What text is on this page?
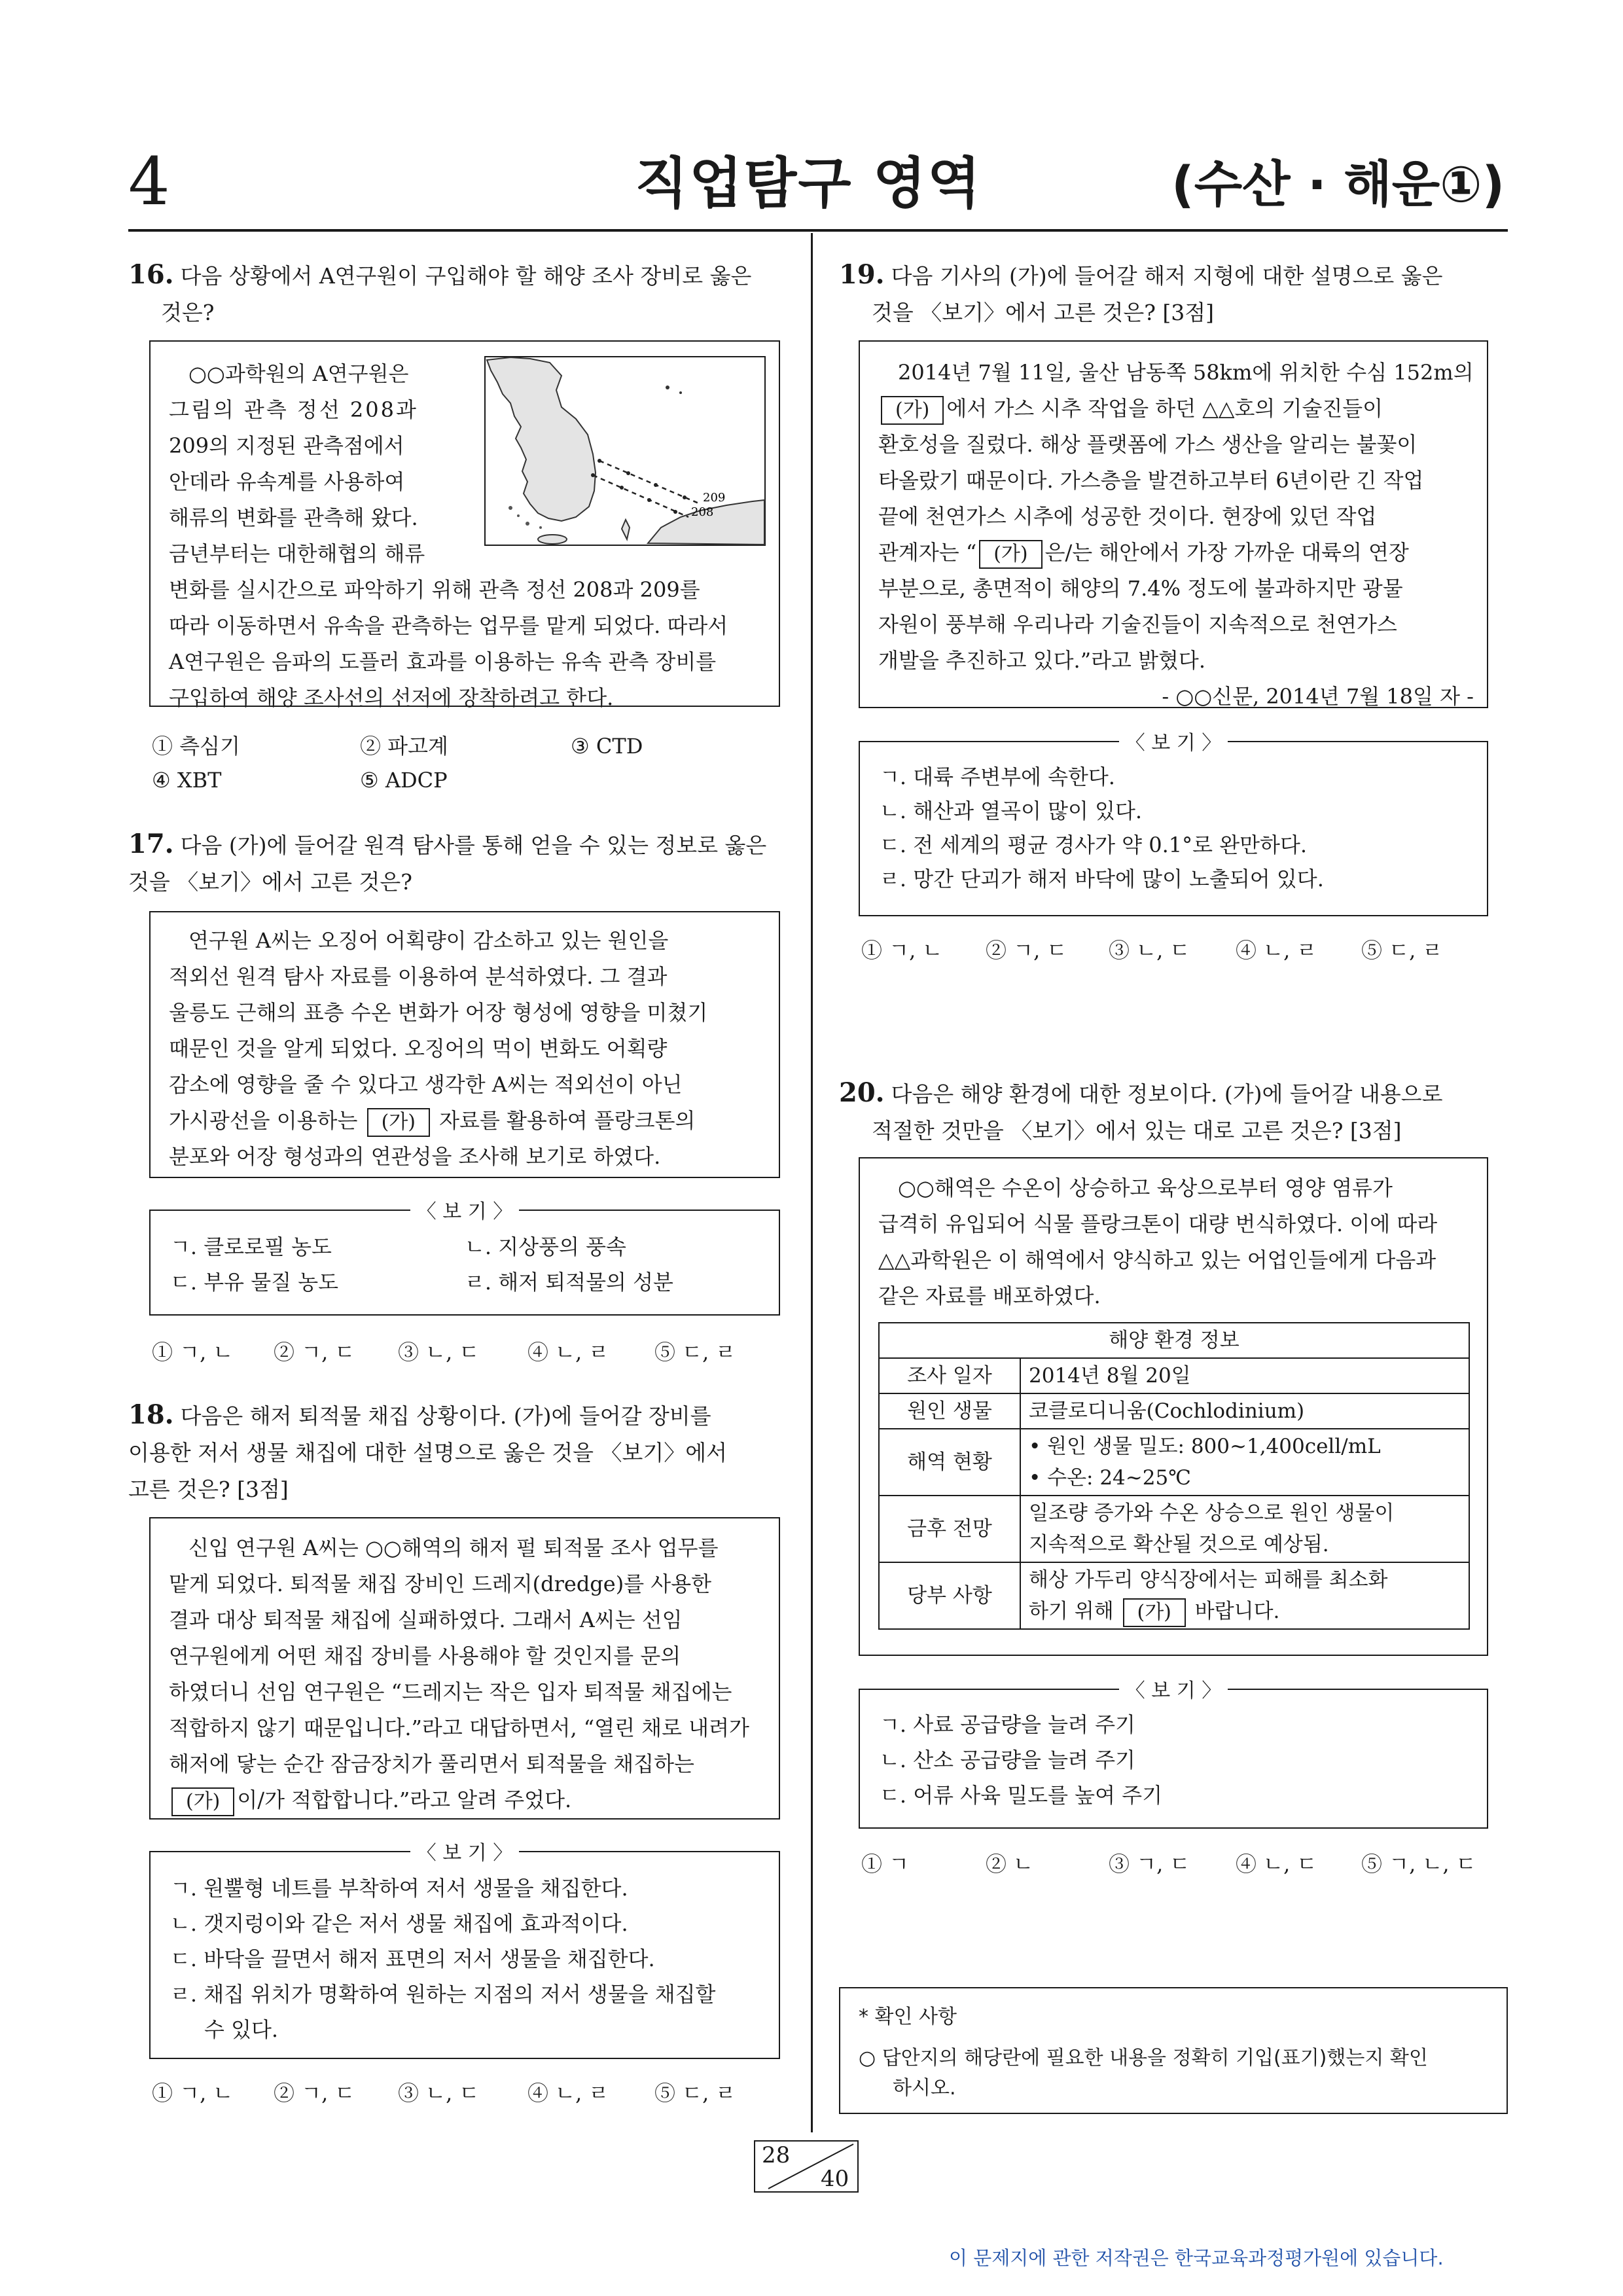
4	직업탐구 영역	(수산 · 해운①)
16. 다음 상황에서 A연구원이 구입해야 할 해양 조사 장비로 옳은
것은?

○○과학원의 A연구원은

그림의 관측 정선 208과

209의 지정된 관측점에서

안데라 유속계를 사용하여

해류의 변화를 관측해 왔다.

금년부터는 대한해협의 해류

변화를 실시간으로 파악하기 위해 관측 정선 208과 209를

따라 이동하면서 유속을 관측하는 업무를 맡게 되었다. 따라서

A연구원은 음파의 도플러 효과를 이용하는 유속 관측 장비를

구입하여 해양 조사선의 선저에 장착하려고 한다.

209
208
① 측심기	② 파고계	③ CTD
④ XBT	⑤ ADCP
17. 다음 (가)에 들어갈 원격 탐사를 통해 얻을 수 있는 정보로 옳은
것을 〈보기〉에서 고른 것은?

연구원 A씨는 오징어 어획량이 감소하고 있는 원인을

적외선 원격 탐사 자료를 이용하여 분석하였다. 그 결과

울릉도 근해의 표층 수온 변화가 어장 형성에 영향을 미쳤기

때문인 것을 알게 되었다. 오징어의 먹이 변화도 어획량

감소에 영향을 줄 수 있다고 생각한 A씨는 적외선이 아닌

가시광선을 이용하는 (가) 자료를 활용하여 플랑크톤의

분포와 어장 형성과의 연관성을 조사해 보기로 하였다.

〈 보 기 〉
ㄱ. 클로로필 농도	ㄴ. 지상풍의 풍속
ㄷ. 부유 물질 농도	ㄹ. 해저 퇴적물의 성분
① ㄱ, ㄴ ② ㄱ, ㄷ ③ ㄴ, ㄷ ④ ㄴ, ㄹ ⑤ ㄷ, ㄹ
18. 다음은 해저 퇴적물 채집 상황이다. (가)에 들어갈 장비를
이용한 저서 생물 채집에 대한 설명으로 옳은 것을 〈보기〉에서
고른 것은? [3점]

신입 연구원 A씨는 ○○해역의 해저 펄 퇴적물 조사 업무를

맡게 되었다. 퇴적물 채집 장비인 드레지(dredge)를 사용한

결과 대상 퇴적물 채집에 실패하였다. 그래서 A씨는 선임

연구원에게 어떤 채집 장비를 사용해야 할 것인지를 문의

하였더니 선임 연구원은 “드레지는 작은 입자 퇴적물 채집에는

적합하지 않기 때문입니다.”라고 대답하면서, “열린 채로 내려가

해저에 닿는 순간 잠금장치가 풀리면서 퇴적물을 채집하는

(가) 이/가 적합합니다.”라고 알려 주었다.

〈 보 기 〉
ㄱ. 원뿔형 네트를 부착하여 저서 생물을 채집한다.
ㄴ. 갯지렁이와 같은 저서 생물 채집에 효과적이다.
ㄷ. 바닥을 끌면서 해저 표면의 저서 생물을 채집한다.
ㄹ. 채집 위치가 명확하여 원하는 지점의 저서 생물을 채집할
수 있다.
① ㄱ, ㄴ ② ㄱ, ㄷ ③ ㄴ, ㄷ ④ ㄴ, ㄹ ⑤ ㄷ, ㄹ
19. 다음 기사의 (가)에 들어갈 해저 지형에 대한 설명으로 옳은
것을 〈보기〉에서 고른 것은? [3점]

2014년 7월 11일, 울산 남동쪽 58km에 위치한 수심 152m의

(가) 에서 가스 시추 작업을 하던 △△호의 기술진들이

환호성을 질렀다. 해상 플랫폼에 가스 생산을 알리는 불꽃이

타올랐기 때문이다. 가스층을 발견하고부터 6년이란 긴 작업

끝에 천연가스 시추에 성공한 것이다. 현장에 있던 작업

관계자는 “ (가) 은/는 해안에서 가장 가까운 대륙의 연장

부분으로, 총면적이 해양의 7.4% 정도에 불과하지만 광물

자원이 풍부해 우리나라 기술진들이 지속적으로 천연가스

개발을 추진하고 있다.”라고 밝혔다.

- ○○신문, 2014년 7월 18일 자 -

〈 보 기 〉
ㄱ. 대륙 주변부에 속한다.
ㄴ. 해산과 열곡이 많이 있다.
ㄷ. 전 세계의 평균 경사가 약 0.1°로 완만하다.
ㄹ. 망간 단괴가 해저 바닥에 많이 노출되어 있다.
① ㄱ, ㄴ ② ㄱ, ㄷ ③ ㄴ, ㄷ ④ ㄴ, ㄹ ⑤ ㄷ, ㄹ
20. 다음은 해양 환경에 대한 정보이다. (가)에 들어갈 내용으로
적절한 것만을 〈보기〉에서 있는 대로 고른 것은? [3점]

○○해역은 수온이 상승하고 육상으로부터 영양 염류가

급격히 유입되어 식물 플랑크톤이 대량 번식하였다. 이에 따라

△△과학원은 이 해역에서 양식하고 있는 어업인들에게 다음과

같은 자료를 배포하였다.

해양 환경 정보	
조사 일자	2014년 8월 20일
원인 생물	코클로디니움(Cochlodinium)
해역 현황	• 원인 생물 밀도: 800~1,400cell/mL
• 수온: 24~25℃

금후 전망	일조량 증가와 수온 상승으로 원인 생물이
지속적으로 확산될 것으로 예상됨.

당부 사항	해상 가두리 양식장에서는 피해를 최소화
하기 위해 (가) 바랍니다.
〈 보 기 〉
ㄱ. 사료 공급량을 늘려 주기
ㄴ. 산소 공급량을 늘려 주기
ㄷ. 어류 사육 밀도를 높여 주기
① ㄱ	② ㄴ	③ ㄱ, ㄷ ④ ㄴ, ㄷ ⑤ ㄱ, ㄴ, ㄷ
* 확인 사항
○ 답안지의 해당란에 필요한 내용을 정확히 기입(표기)했는지 확인
하시오.
28
40
이 문제지에 관한 저작권은 한국교육과정평가원에 있습니다.
